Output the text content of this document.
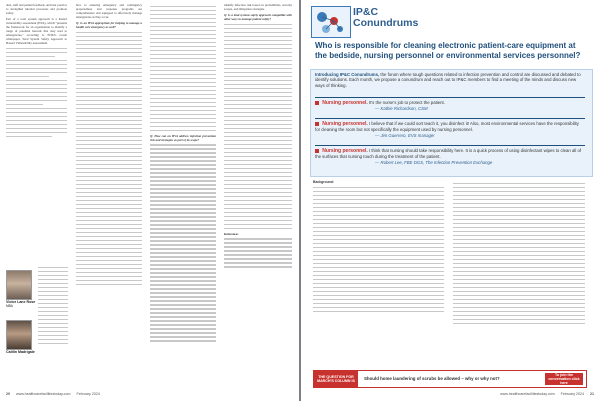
data, staff and patient feedback, and best practice to strengthen internal processes and promote safety.

Part of a total system approach is a hazard vulnerability assessment (HVA), which "presents the framework for an organization to identify a range of potential hazards that may lead to emergencies," according to ECRI's recent whitepaper, Total System Safety Approach to Hazard Vulnerability Assessment.

Victor Lane Rose
MBA
Caitlin Madrigale

how to ensuring emergency and contingency preparedness and response programs are comprehensive and equipped to effectively manage emergencies as they occur.

Q: Is an HVA appropriate for helping to manage a health care emergency as well?

Q: How can an HVA address infection prevention risk and strategies as part of its scope?

identify infection risk based on probabilities, severity scopes, and mitigation strategies.

Q: Is a total systems safety approach compatible with other ways to manage patient safety?

References

20 www.healthcarefacilitiestoday.com February 2024
IP&C
Conundrums
Who is responsible for cleaning electronic patient-care equipment at the bedside, nursing personnel or environmental services personnel?
Introducing IP&C Conundrums, the forum where tough questions related to infection prevention and control are discussed and debated to identify solutions. Each month, we propose a conundrum and reach out to IP&C members to find a meeting of the minds and discuss new ways of thinking.
Nursing personnel. It's the nurse's job to protect the patient.
— Kathie Richardson, CSM
Nursing personnel. I believe that if we could sort teach it, you disinfect it! Also, most environmental services have the responsibility for cleaning the room but not specifically the equipment used by nursing personnel.
— Jim Guerrero, EVS manager
Nursing personnel. I think that nursing should take responsibility here. It is a quick process of using disinfectant wipes to clean all of the surfaces that nursing touch during the treatment of the patient.
— Robert Lee, FBE DGS, The Infection Prevention Exchange

Background:

THE QUESTION FOR MARCH'S COLUMN IS	Should home laundering of scrubs be allowed – why or why not?
To join the conversation click here
www.healthcarefacilitiestoday.com February 2024 21
